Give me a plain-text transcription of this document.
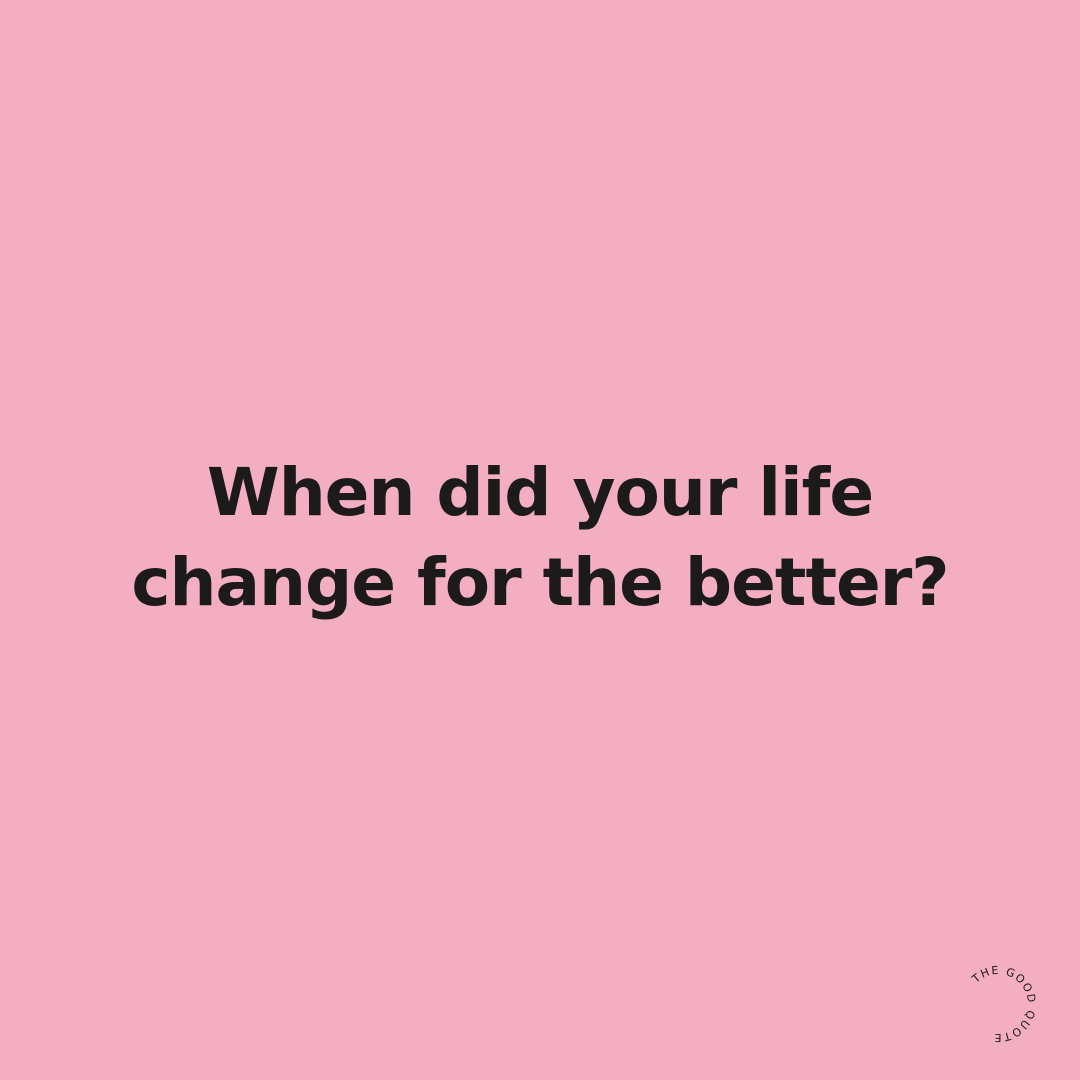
When did your life
change for the better?
THE GOOD QUOTE
